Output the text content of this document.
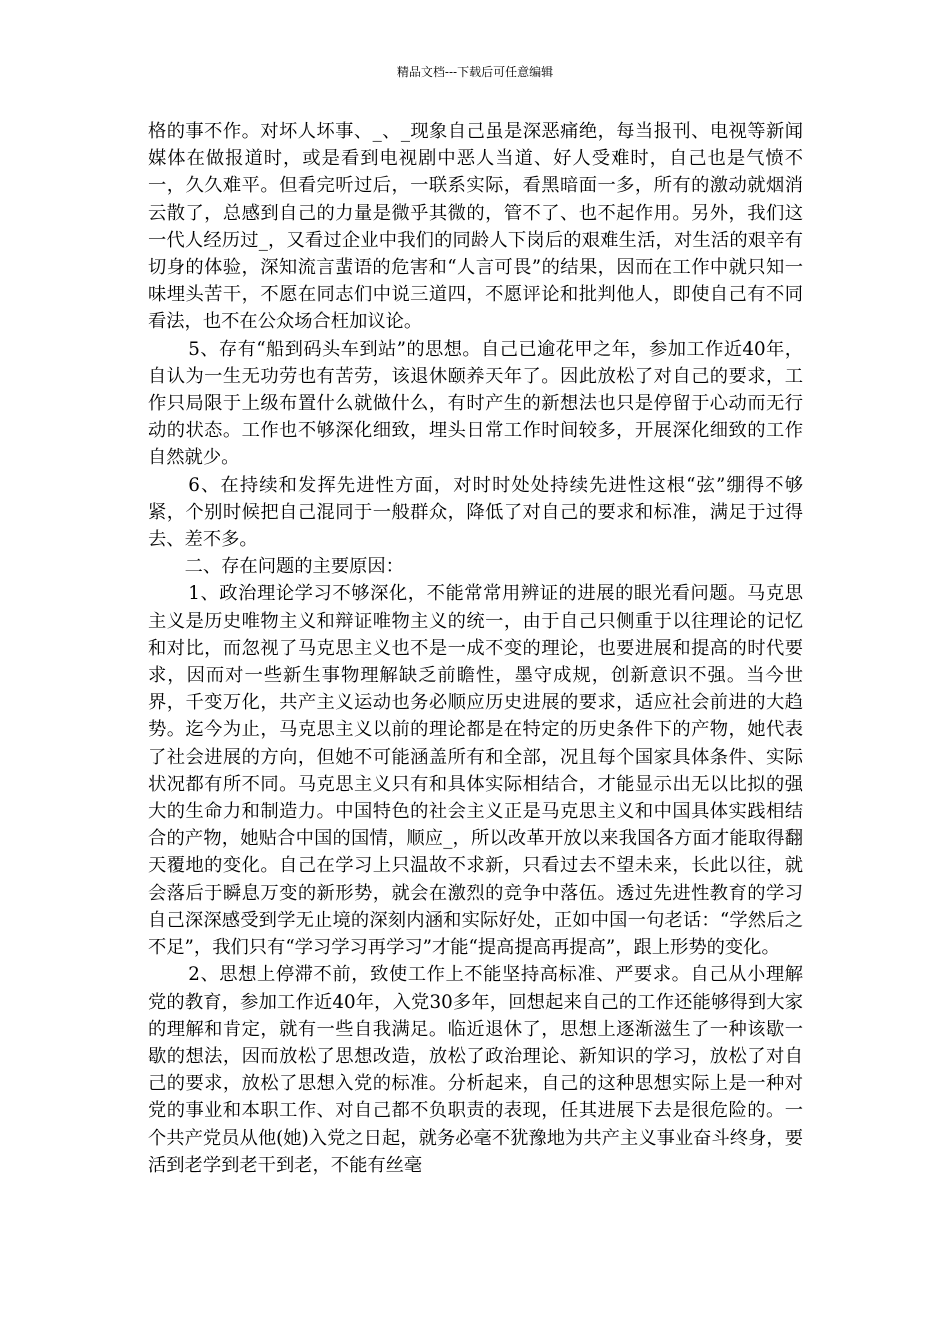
精品文档---下载后可任意编辑

格的事不作。对坏人坏事、_、_现象自己虽是深恶痛绝，每当报刊、电视等新闻媒体在做报道时，或是看到电视剧中恶人当道、好人受难时，自己也是气愤不一，久久难平。但看完听过后，一联系实际，看黑暗面一多，所有的激动就烟消云散了，总感到自己的力量是微乎其微的，管不了、也不起作用。另外，我们这一代人经历过_，又看过企业中我们的同龄人下岗后的艰难生活，对生活的艰辛有切身的体验，深知流言蜚语的危害和“人言可畏”的结果，因而在工作中就只知一味埋头苦干，不愿在同志们中说三道四，不愿评论和批判他人，即使自己有不同看法，也不在公众场合枉加议论。

5、存有“船到码头车到站”的思想。自己已逾花甲之年，参加工作近40年，自认为一生无功劳也有苦劳，该退休颐养天年了。因此放松了对自己的要求，工作只局限于上级布置什么就做什么，有时产生的新想法也只是停留于心动而无行动的状态。工作也不够深化细致，埋头日常工作时间较多，开展深化细致的工作自然就少。

6、在持续和发挥先进性方面，对时时处处持续先进性这根“弦”绷得不够紧，个别时候把自己混同于一般群众，降低了对自己的要求和标准，满足于过得去、差不多。

二、存在问题的主要原因：

1、政治理论学习不够深化，不能常常用辨证的进展的眼光看问题。马克思主义是历史唯物主义和辩证唯物主义的统一，由于自己只侧重于以往理论的记忆和对比，而忽视了马克思主义也不是一成不变的理论，也要进展和提高的时代要求，因而对一些新生事物理解缺乏前瞻性，墨守成规，创新意识不强。当今世界，千变万化，共产主义运动也务必顺应历史进展的要求，适应社会前进的大趋势。迄今为止，马克思主义以前的理论都是在特定的历史条件下的产物，她代表了社会进展的方向，但她不可能涵盖所有和全部，况且每个国家具体条件、实际状况都有所不同。马克思主义只有和具体实际相结合，才能显示出无以比拟的强大的生命力和制造力。中国特色的社会主义正是马克思主义和中国具体实践相结合的产物，她贴合中国的国情，顺应_，所以改革开放以来我国各方面才能取得翻天覆地的变化。自己在学习上只温故不求新，只看过去不望未来，长此以往，就会落后于瞬息万变的新形势，就会在激烈的竞争中落伍。透过先进性教育的学习自己深深感受到学无止境的深刻内涵和实际好处，正如中国一句老话：“学然后之不足”，我们只有“学习学习再学习”才能“提高提高再提高”，跟上形势的变化。

2、思想上停滞不前，致使工作上不能坚持高标准、严要求。自己从小理解党的教育，参加工作近40年，入党30多年，回想起来自己的工作还能够得到大家的理解和肯定，就有一些自我满足。临近退休了，思想上逐渐滋生了一种该歇一歇的想法，因而放松了思想改造，放松了政治理论、新知识的学习，放松了对自己的要求，放松了思想入党的标准。分析起来，自己的这种思想实际上是一种对党的事业和本职工作、对自己都不负职责的表现，任其进展下去是很危险的。一个共产党员从他(她)入党之日起，就务必毫不犹豫地为共产主义事业奋斗终身，要活到老学到老干到老，不能有丝毫
